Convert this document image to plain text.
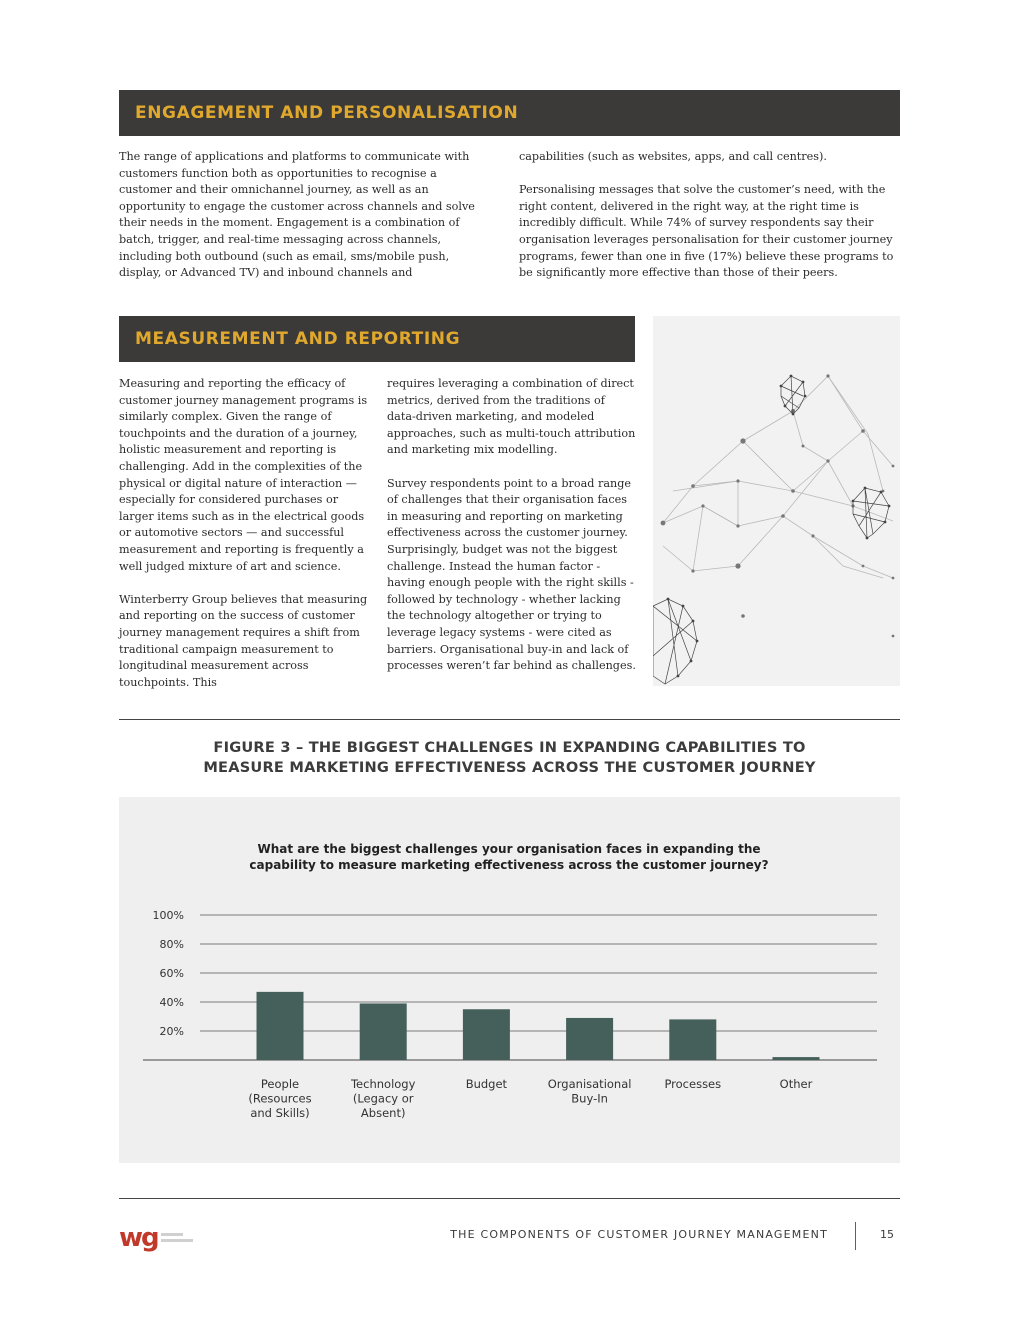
ENGAGEMENT AND PERSONALISATION

The range of applications and platforms to communicate with customers function both as opportunities to recognise a customer and their omnichannel journey, as well as an opportunity to engage the customer across channels and solve their needs in the moment. Engagement is a combination of batch, trigger, and real-time messaging across channels, including both outbound (such as email, sms/mobile push, display, or Advanced TV) and inbound channels and

capabilities (such as websites, apps, and call centres).

Personalising messages that solve the customer’s need, with the right content, delivered in the right way, at the right time is incredibly difficult. While 74% of survey respondents say their organisation leverages personalisation for their customer journey programs, fewer than one in five (17%) believe these programs to be significantly more effective than those of their peers.

MEASUREMENT AND REPORTING

Measuring and reporting the efficacy of customer journey management programs is similarly complex. Given the range of touchpoints and the duration of a journey, holistic measurement and reporting is challenging. Add in the complexities of the physical or digital nature of interaction — especially for considered purchases or larger items such as in the electrical goods or automotive sectors — and successful measurement and reporting is frequently a well judged mixture of art and science.

Winterberry Group believes that measuring and reporting on the success of customer journey management requires a shift from traditional campaign measurement to longitudinal measurement across touchpoints. This

requires leveraging a combination of direct metrics, derived from the traditions of data-driven marketing, and modeled approaches, such as multi-touch attribution and marketing mix modelling.

Survey respondents point to a broad range of challenges that their organisation faces in measuring and reporting on marketing effectiveness across the customer journey. Surprisingly, budget was not the biggest challenge. Instead the human factor - having enough people with the right skills - followed by technology - whether lacking the technology altogether or trying to leverage legacy systems - were cited as barriers. Organisational buy-in and lack of processes weren’t far behind as challenges.

FIGURE 3 – THE BIGGEST CHALLENGES IN EXPANDING CAPABILITIES TO
MEASURE MARKETING EFFECTIVENESS ACROSS THE CUSTOMER JOURNEY
What are the biggest challenges your organisation faces in expanding the
capability to measure marketing effectiveness across the customer journey?
20%
40%
60%
80%
100%
People
(Resources
and Skills)
Technology
(Legacy or
Absent)
Budget	Organisational
Buy-In
Processes	Other
wg	THE COMPONENTS OF CUSTOMER JOURNEY MANAGEMENT	15
